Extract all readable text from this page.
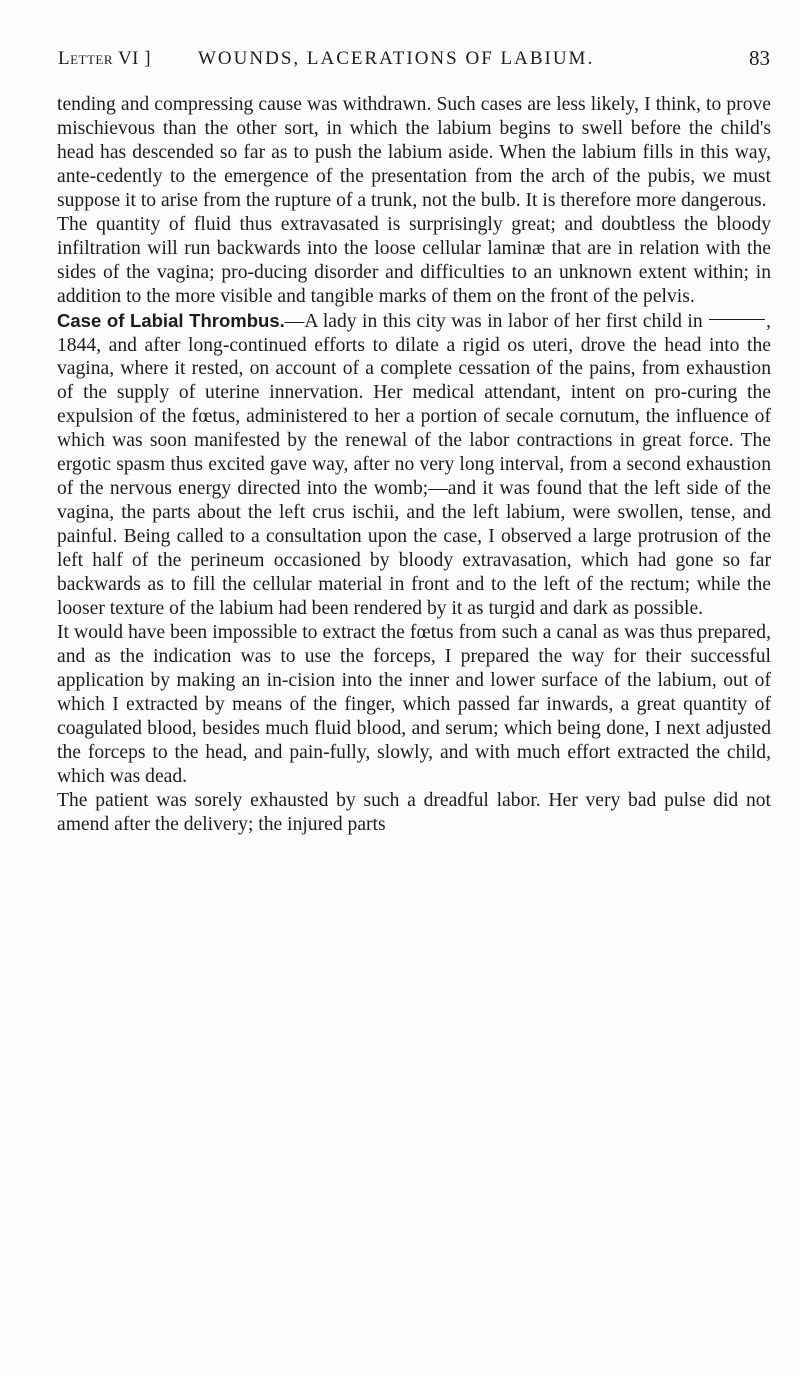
Letter VI ] WOUNDS, LACERATIONS OF LABIUM.	83

tending and compressing cause was withdrawn. Such cases are less likely, I think, to prove mischievous than the other sort, in which the labium begins to swell before the child's head has descended so far as to push the labium aside. When the labium fills in this way, ante-cedently to the emergence of the presentation from the arch of the pubis, we must suppose it to arise from the rupture of a trunk, not the bulb. It is therefore more dangerous.

The quantity of fluid thus extravasated is surprisingly great; and doubtless the bloody infiltration will run backwards into the loose cellular laminæ that are in relation with the sides of the vagina; pro-ducing disorder and difficulties to an unknown extent within; in addition to the more visible and tangible marks of them on the front of the pelvis.

Case of Labial Thrombus.—A lady in this city was in labor of her first child in	, 1844, and after long-continued efforts to dilate a rigid os uteri, drove the head into the vagina, where it rested, on account of a complete cessation of the pains, from exhaustion of the supply of uterine innervation. Her medical attendant, intent on pro-curing the expulsion of the fœtus, administered to her a portion of secale cornutum, the influence of which was soon manifested by the renewal of the labor contractions in great force. The ergotic spasm thus excited gave way, after no very long interval, from a second exhaustion of the nervous energy directed into the womb;—and it was found that the left side of the vagina, the parts about the left crus ischii, and the left labium, were swollen, tense, and painful. Being called to a consultation upon the case, I observed a large protrusion of the left half of the perineum occasioned by bloody extravasation, which had gone so far backwards as to fill the cellular material in front and to the left of the rectum; while the looser texture of the labium had been rendered by it as turgid and dark as possible.

It would have been impossible to extract the fœtus from such a canal as was thus prepared, and as the indication was to use the forceps, I prepared the way for their successful application by making an in-cision into the inner and lower surface of the labium, out of which I extracted by means of the finger, which passed far inwards, a great quantity of coagulated blood, besides much fluid blood, and serum; which being done, I next adjusted the forceps to the head, and pain-fully, slowly, and with much effort extracted the child, which was dead.

The patient was sorely exhausted by such a dreadful labor. Her very bad pulse did not amend after the delivery; the injured parts
